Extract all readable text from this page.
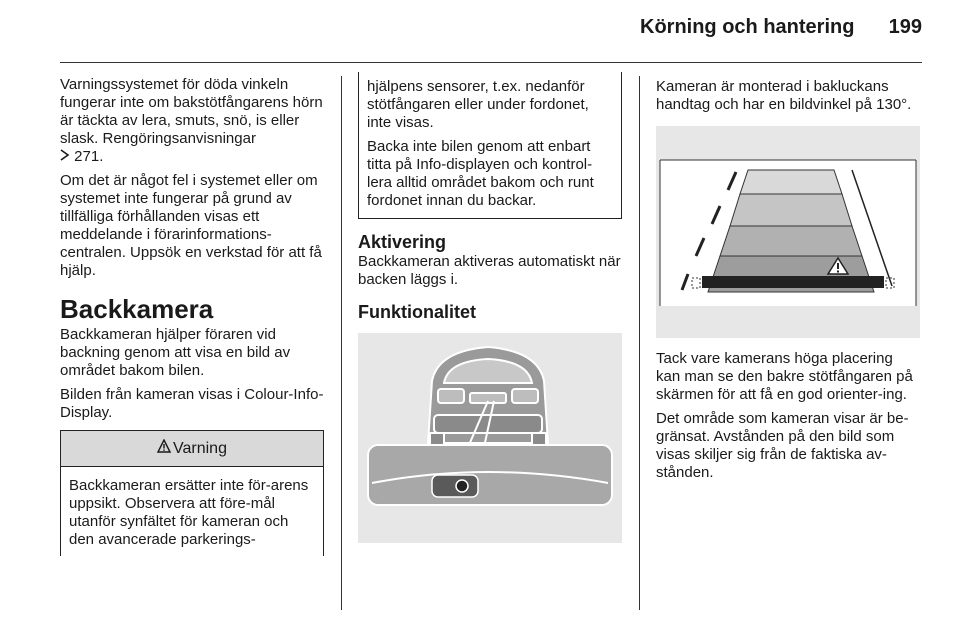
Körning och hantering 199

Varningssystemet för döda vinkeln fungerar inte om bakstötfångarens hörn är täckta av lera, smuts, snö, is eller slask. Rengöringsanvisningar
271.

Om det är något fel i systemet eller om systemet inte fungerar på grund av tillfälliga förhållanden visas ett meddelande i förarinformations-centralen. Uppsök en verkstad för att få hjälp.

Backkamera

Backkameran hjälper föraren vid backning genom att visa en bild av området bakom bilen.

Bilden från kameran visas i Colour-Info-Display.

Varning
Backkameran ersätter inte för-arens uppsikt. Observera att före-mål utanför synfältet för kameran och den avancerade parkerings-

hjälpens sensorer, t.ex. nedanför stötfångaren eller under fordonet, inte visas.

Backa inte bilen genom att enbart titta på Info-displayen och kontrol-lera alltid området bakom och runt fordonet innan du backar.

Aktivering

Backkameran aktiveras automatiskt när backen läggs i.

Funktionalitet

Kameran är monterad i bakluckans handtag och har en bildvinkel på 130°.

Tack vare kamerans höga placering kan man se den bakre stötfångaren på skärmen för att få en god orienter-ing.

Det område som kameran visar är be-gränsat. Avstånden på den bild som visas skiljer sig från de faktiska av-stånden.
